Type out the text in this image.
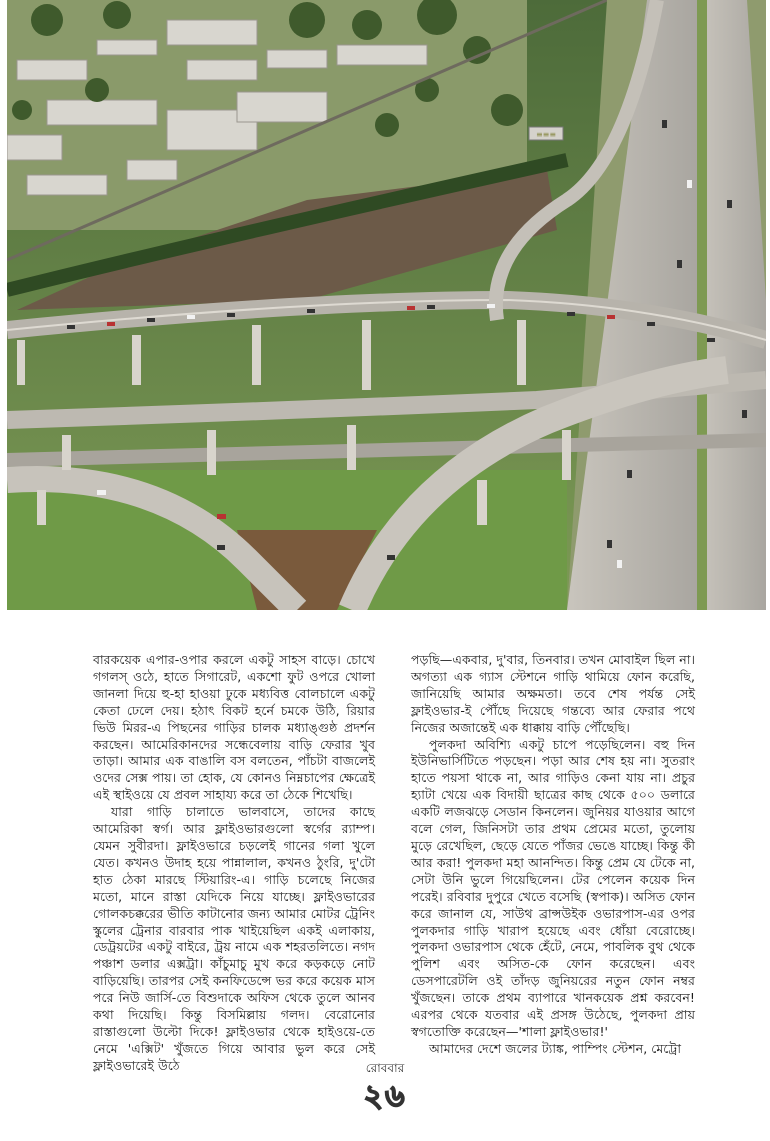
≡≡≡

বারকয়েক এপার-ওপার করলে একটু সাহস বাড়ে। চোখে গগলস্ ওঠে, হাতে সিগারেট, একশো ফুট ওপরে খোলা জানলা দিয়ে হু-হা হাওয়া ঢুকে মধ্যবিত্ত বোলচালে একটু কেতা ঢেলে দেয়। হঠাৎ বিকট হর্নে চমকে উঠি, রিয়ার ভিউ মিরর-এ পিছনের গাড়ির চালক মধ্যাঙ্গুষ্ঠ প্রদর্শন করছেন। আমেরিকানদের সন্ধেবেলায় বাড়ি ফেরার খুব তাড়া। আমার এক বাঙালি বস বলতেন, পাঁচটা বাজলেই ওদের সেক্স পায়। তা হোক, যে কোনও নিম্নচাপের ক্ষেত্রেই এই স্থাইওয়ে যে প্রবল সাহায্য করে তা ঠেকে শিখেছি।

যারা গাড়ি চালাতে ভালবাসে, তাদের কাছে আমেরিকা স্বর্গ। আর ফ্লাইওভারগুলো স্বর্গের র‍্যাম্প। যেমন সুবীরদা। ফ্লাইওভারে চড়লেই গানের গলা খুলে যেত। কখনও উদাহ হয়ে পান্নালাল, কখনও ঠুংরি, দু'টো হাত ঠেকা মারছে স্টিয়ারিং-এ। গাড়ি চলেছে নিজের মতো, মানে রাস্তা যেদিকে নিয়ে যাচ্ছে। ফ্লাইওভারের গোলকচক্করের ভীতি কাটানোর জন্য আমার মোটর ট্রেনিং স্কুলের ট্রেনার বারবার পাক খাইয়েছিল একই এলাকায়, ডেট্রয়টের একটু বাইরে, ট্রয় নামে এক শহরতলিতে। নগদ পঞ্চাশ ডলার এক্সট্রা। কাঁচুমাচু মুখ করে কড়কড়ে নোট বাড়িয়েছি। তারপর সেই কনফিডেন্সে ভর করে কয়েক মাস পরে নিউ জার্সি-তে বিশুদাকে অফিস থেকে তুলে আনব কথা দিয়েছি। কিন্তু বিসমিল্লায় গলদ। বেরোনোর রাস্তাগুলো উল্টো দিকে! ফ্লাইওভার থেকে হাইওয়ে-তে নেমে 'এক্সিট' খুঁজতে গিয়ে আবার ভুল করে সেই ফ্লাইওভারেই উঠে

পড়ছি—একবার, দু'বার, তিনবার। তখন মোবাইল ছিল না। অগত্যা এক গ্যাস স্টেশনে গাড়ি থামিয়ে ফোন করেছি, জানিয়েছি আমার অক্ষমতা। তবে শেষ পর্যন্ত সেই ফ্লাইওভার-ই পৌঁছে দিয়েছে গন্তব্যে আর ফেরার পথে নিজের অজান্তেই এক ধাক্কায় বাড়ি পৌঁছেছি।

পুলকদা অবিশ্যি একটু চাপে পড়েছিলেন। বহু দিন ইউনিভার্সিটিতে পড়ছেন। পড়া আর শেষ হয় না। সুতরাং হাতে পয়সা থাকে না, আর গাড়িও কেনা যায় না। প্রচুর হ্যাটা খেয়ে এক বিদায়ী ছাত্রের কাছ থেকে ৫০০ ডলারে একটি লজঝড়ে সেডান কিনলেন। জুনিয়র যাওয়ার আগে বলে গেল, জিনিসটা তার প্রথম প্রেমের মতো, তুলোয় মুড়ে রেখেছিল, ছেড়ে যেতে পাঁজর ভেঙে যাচ্ছে। কিন্তু কী আর করা! পুলকদা মহা আনন্দিত। কিন্তু প্রেম যে টেকে না, সেটা উনি ভুলে গিয়েছিলেন। টের পেলেন কয়েক দিন পরেই। রবিবার দুপুরে খেতে বসেছি (স্বপাক)। অসিত ফোন করে জানাল যে, সাউথ ব্রান্সউইক ওভারপাস-এর ওপর পুলকদার গাড়ি খারাপ হয়েছে এবং ধোঁয়া বেরোচ্ছে। পুলকদা ওভারপাস থেকে হেঁটে, নেমে, পাবলিক বুথ থেকে পুলিশ এবং অসিত-কে ফোন করেছেন। এবং ডেসপারেটলি ওই তাঁদড় জুনিয়রের নতুন ফোন নম্বর খুঁজছেন। তাকে প্রথম ব্যাপারে খানকয়েক প্রশ্ন করবেন! এরপর থেকে যতবার এই প্রসঙ্গ উঠেছে, পুলকদা প্রায় স্বগতোক্তি করেছেন—'শালা ফ্লাইওভার!'

আমাদের দেশে জলের ট্যাঙ্ক, পাম্পিং স্টেশন, মেট্রো

রোববার
২৬
